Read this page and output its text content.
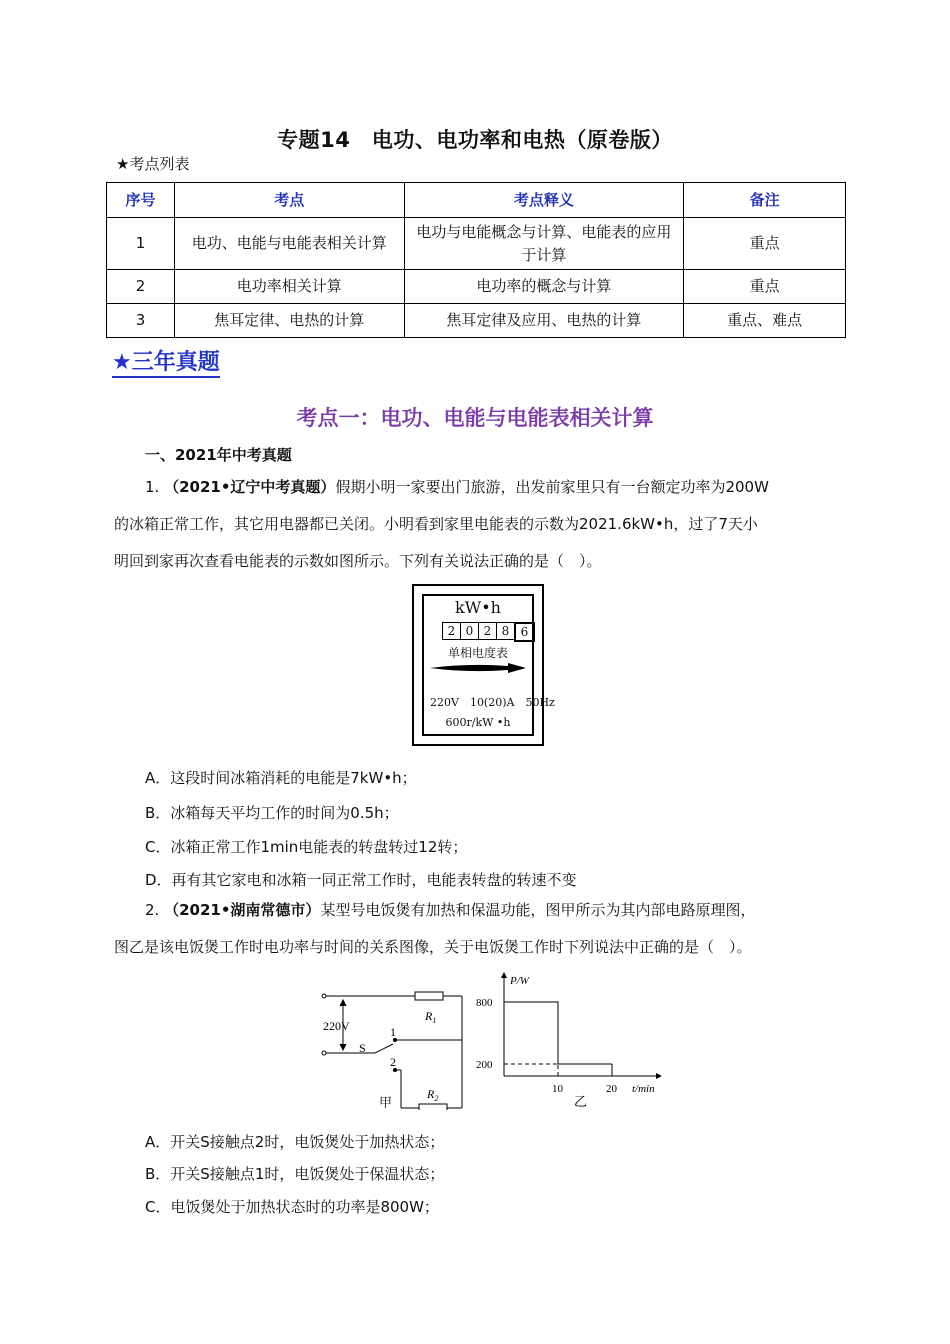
专题14　电功、电功率和电热（原卷版）
★考点列表
序号	考点	考点释义	备注
1	电功、电能与电能表相关计算	电功与电能概念与计算、电能表的应用于计算	重点
2	电功率相关计算	电功率的概念与计算	重点
3	焦耳定律、电热的计算	焦耳定律及应用、电热的计算	重点、难点
★三年真题
考点一：电功、电能与电能表相关计算
一、2021年中考真题
1. （2021•辽宁中考真题）假期小明一家要出门旅游，出发前家里只有一台额定功率为200W
的冰箱正常工作，其它用电器都已关闭。小明看到家里电能表的示数为2021.6kW•h，过了7天小
明回到家再次查看电能表的示数如图所示。下列有关说法正确的是（　）。
kW•h
2 0 2 8 6
单相电度表
220V　10(20)A　50Hz
600r/kW •h
A．这段时间冰箱消耗的电能是7kW•h；
B．冰箱每天平均工作的时间为0.5h；
C．冰箱正常工作1min电能表的转盘转过12转；
D．再有其它家电和冰箱一同正常工作时，电能表转盘的转速不变
2. （2021•湖南常德市）某型号电饭煲有加热和保温功能，图甲所示为其内部电路原理图，
图乙是该电饭煲工作时电功率与时间的关系图像，关于电饭煲工作时下列说法中正确的是（　）。
220V
S
1
2
$R_1$
$R_2$
甲
P/W
800
200
10	20 t/min
乙
A．开关S接触点2时，电饭煲处于加热状态；
B．开关S接触点1时，电饭煲处于保温状态；
C．电饭煲处于加热状态时的功率是800W；
